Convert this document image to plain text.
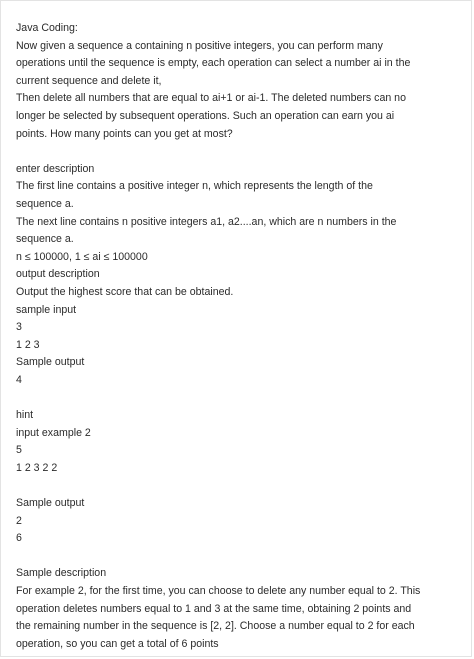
Java Coding:
Now given a sequence a containing n positive integers, you can perform many
operations until the sequence is empty, each operation can select a number ai in the
current sequence and delete it,
Then delete all numbers that are equal to ai+1 or ai-1. The deleted numbers can no
longer be selected by subsequent operations. Such an operation can earn you ai
points. How many points can you get at most?
enter description
The first line contains a positive integer n, which represents the length of the
sequence a.
The next line contains n positive integers a1, a2....an, which are n numbers in the
sequence a.
n ≤ 100000, 1 ≤ ai ≤ 100000
output description
Output the highest score that can be obtained.
sample input
3
1 2 3
Sample output
4
hint
input example 2
5
1 2 3 2 2
Sample output
2
6
Sample description
For example 2, for the first time, you can choose to delete any number equal to 2. This
operation deletes numbers equal to 1 and 3 at the same time, obtaining 2 points and
the remaining number in the sequence is [2, 2]. Choose a number equal to 2 for each
operation, so you can get a total of 6 points
